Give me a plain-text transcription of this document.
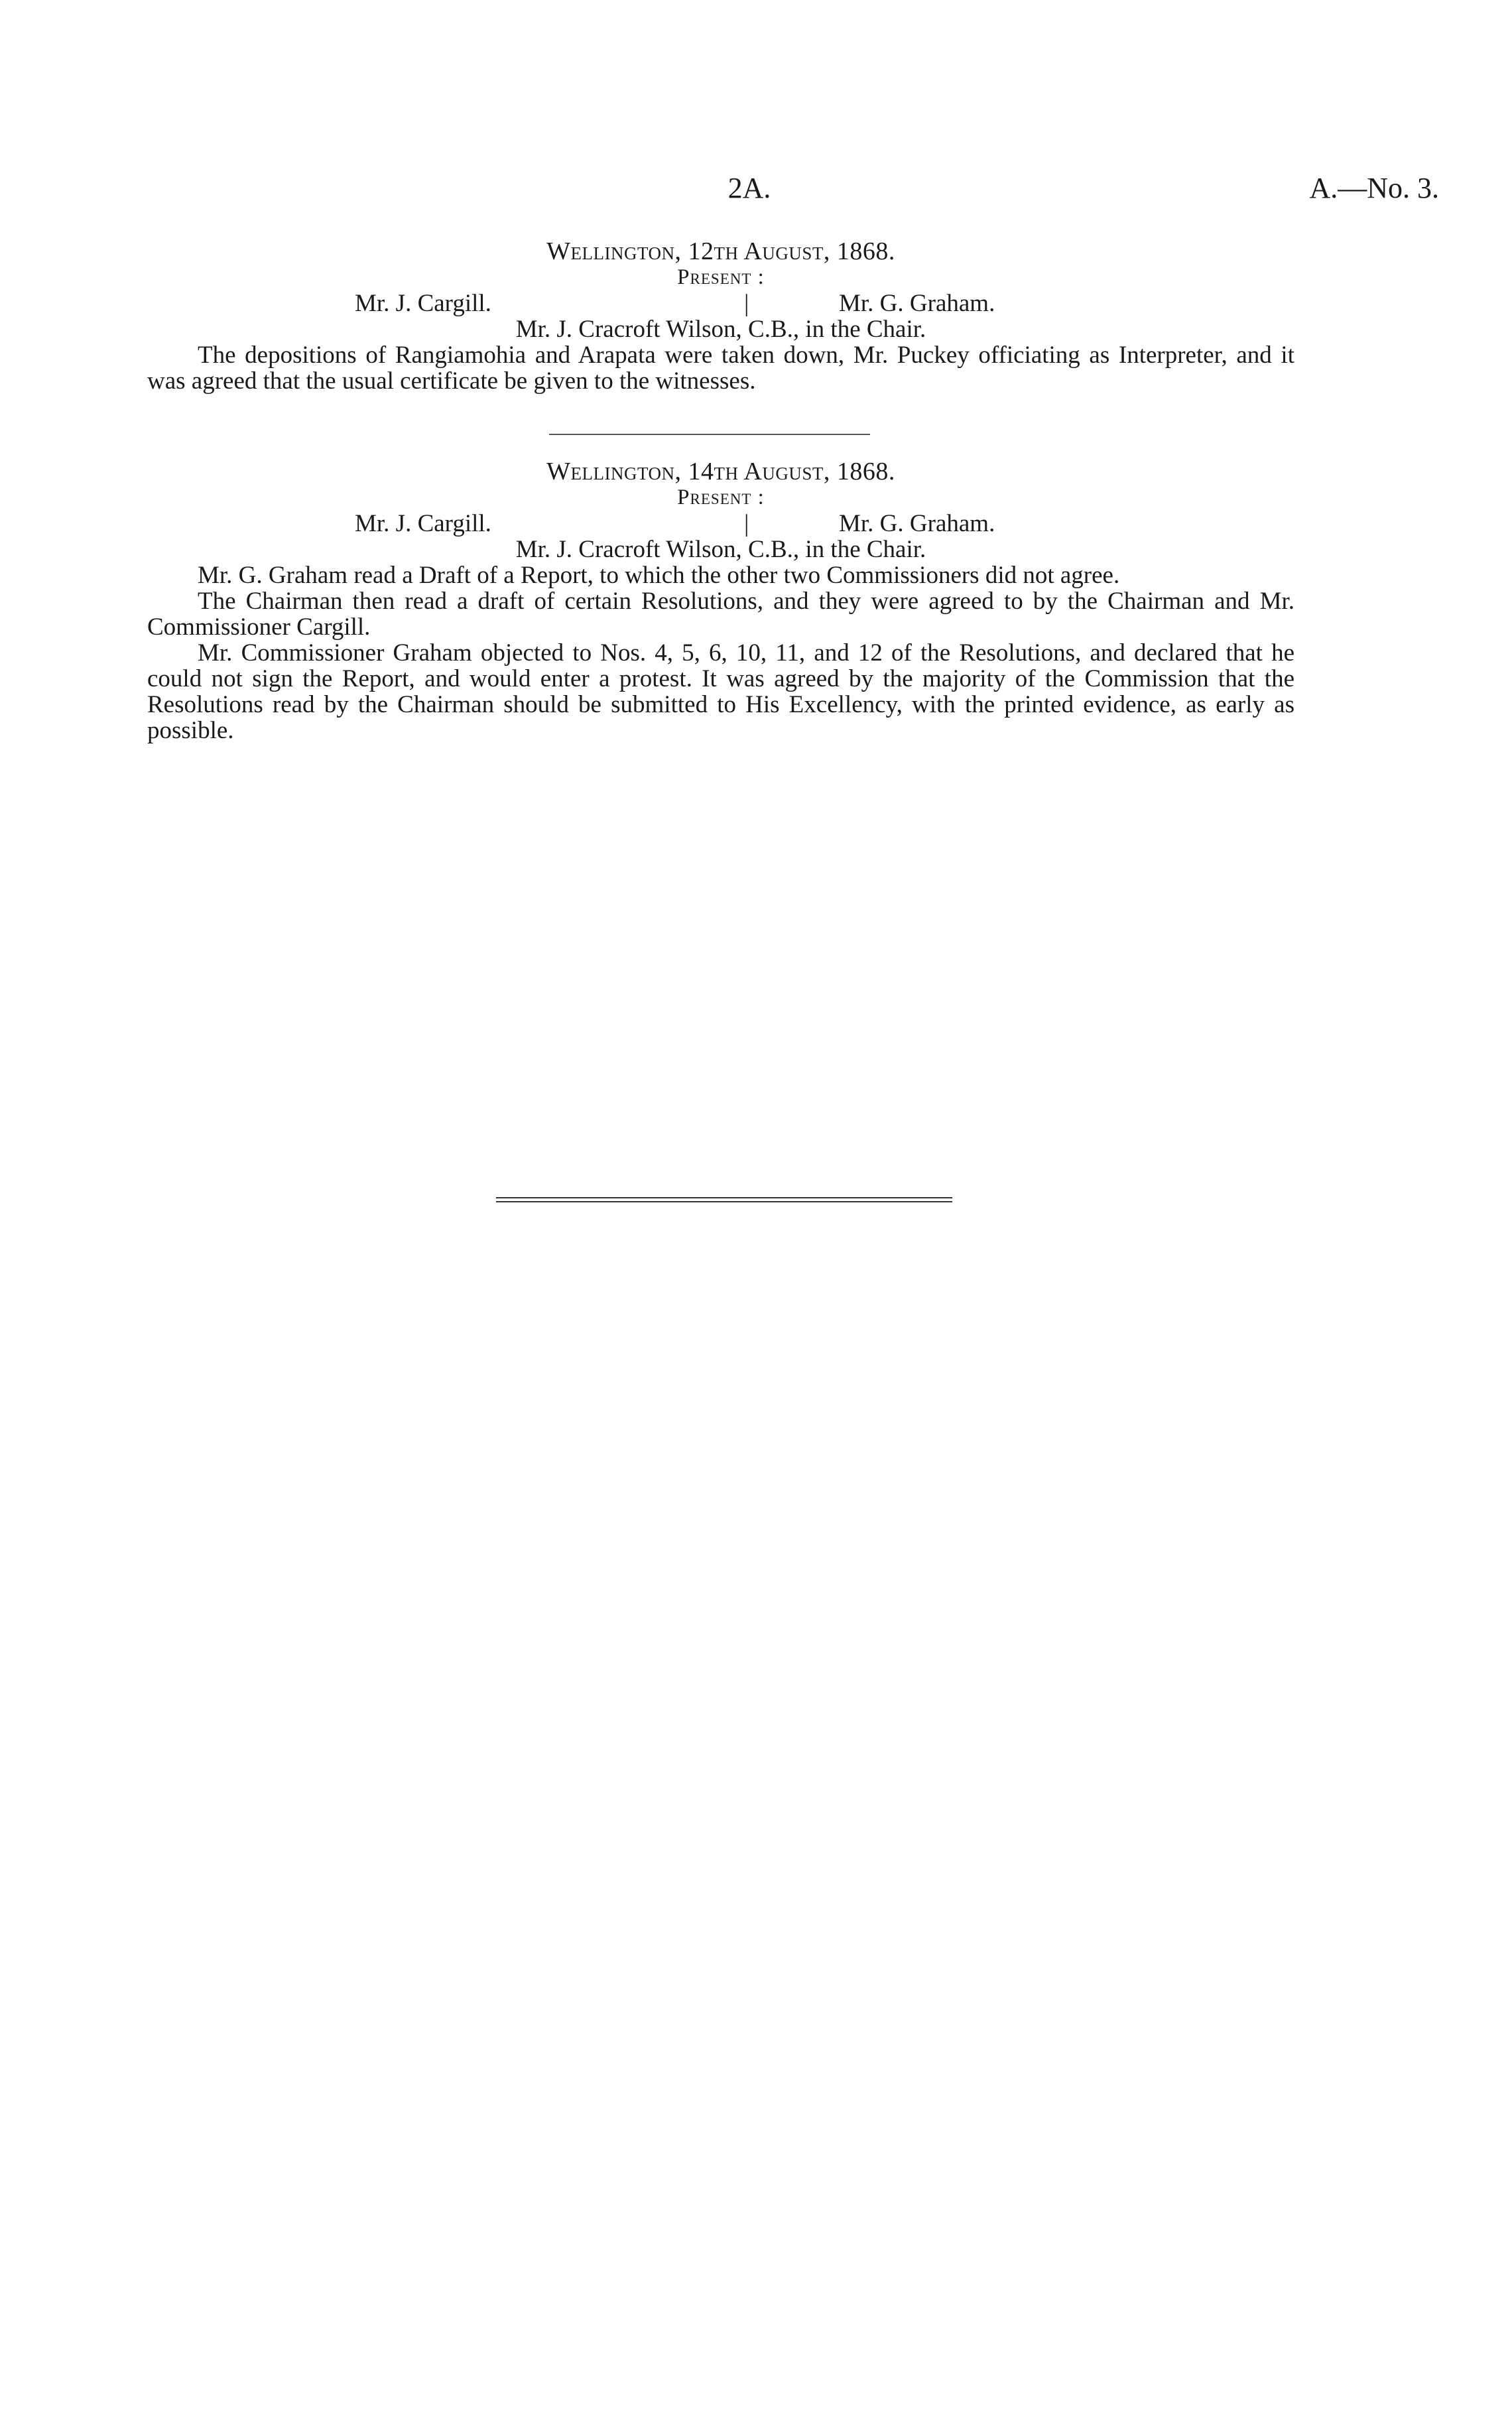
2A.	A.—No. 3.
Wellington, 12th August, 1868.
Present :
Mr. J. Cargill.	|	Mr. G. Graham.
Mr. J. Cracroft Wilson, C.B., in the Chair.

The depositions of Rangiamohia and Arapata were taken down, Mr. Puckey officiating as Interpreter, and it was agreed that the usual certificate be given to the witnesses.

Wellington, 14th August, 1868.
Present :
Mr. J. Cargill.	|	Mr. G. Graham.
Mr. J. Cracroft Wilson, C.B., in the Chair.

Mr. G. Graham read a Draft of a Report, to which the other two Commissioners did not agree.

The Chairman then read a draft of certain Resolutions, and they were agreed to by the Chairman and Mr. Commissioner Cargill.

Mr. Commissioner Graham objected to Nos. 4, 5, 6, 10, 11, and 12 of the Resolutions, and declared that he could not sign the Report, and would enter a protest. It was agreed by the majority of the Commission that the Resolutions read by the Chairman should be submitted to His Excellency, with the printed evidence, as early as possible.
